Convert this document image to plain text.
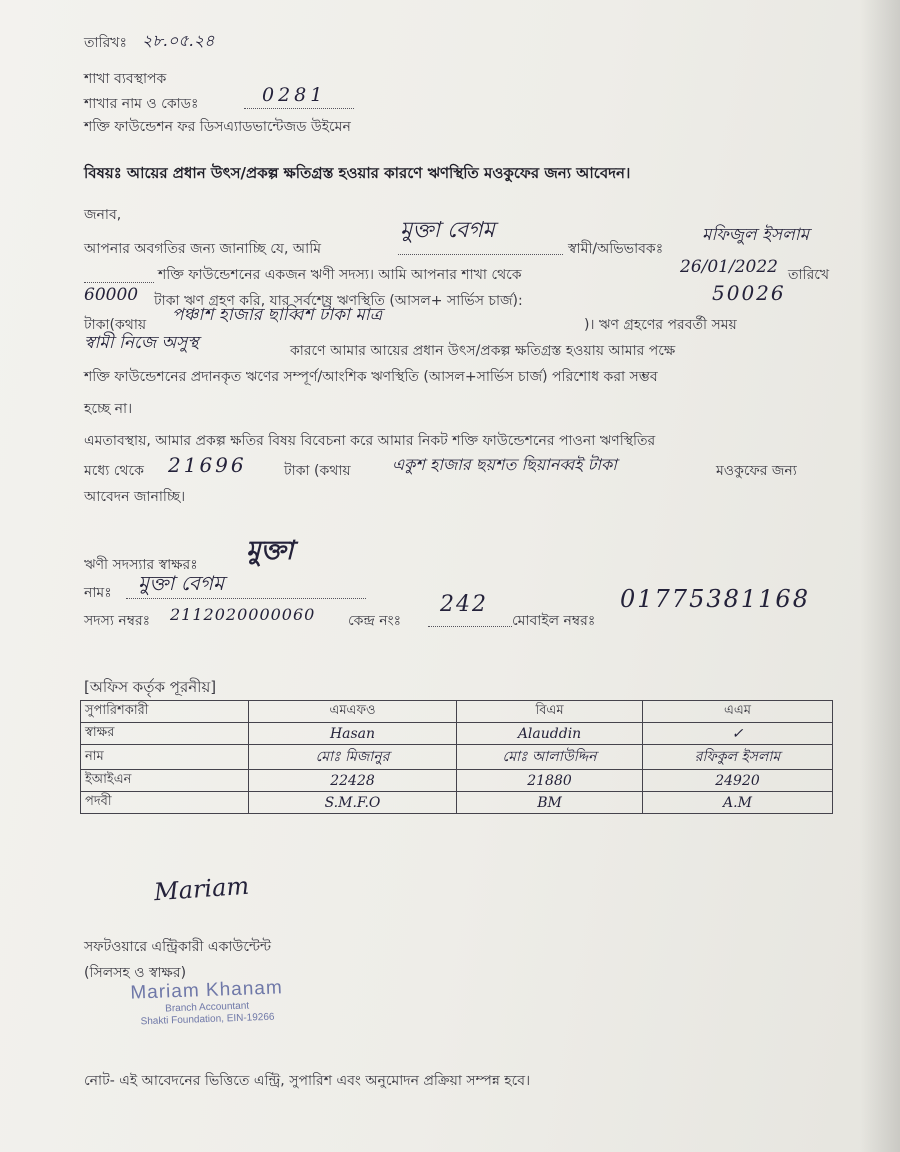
তারিখঃ ২৮.০৫.২৪
শাখা ব্যবস্থাপক
শাখার নাম ও কোডঃ	0281
শক্তি ফাউন্ডেশন ফর ডিসএ্যাডভান্টেজড উইমেন
বিষয়ঃ আয়ের প্রধান উৎস/প্রকল্প ক্ষতিগ্রস্ত হওয়ার কারণে ঋণস্থিতি মওকুফের জন্য আবেদন।
জনাব,
আপনার অবগতির জন্য জানাচ্ছি যে, আমি
মুক্তা বেগম
স্বামী/অভিভাবকঃ
মফিজুল ইসলাম
শক্তি ফাউন্ডেশনের একজন ঋণী সদস্য। আমি আপনার শাখা থেকে	26/01/2022 তারিখে
60000 টাকা ঋণ গ্রহণ করি, যার সর্বশেষ ঋণস্থিতি (আসল+ সার্ভিস চার্জ):	50026
টাকা(কথায় পঞ্চাশ হাজার ছাব্বিশ টাকা মাত্র	)। ঋণ গ্রহণের পরবর্তী সময়
স্বামী নিজে অসুস্থ	কারণে আমার আয়ের প্রধান উৎস/প্রকল্প ক্ষতিগ্রস্ত হওয়ায় আমার পক্ষে
শক্তি ফাউন্ডেশনের প্রদানকৃত ঋণের সম্পূর্ণ/আংশিক ঋণস্থিতি (আসল+সার্ভিস চার্জ) পরিশোধ করা সম্ভব
হচ্ছে না।
এমতাবস্থায়, আমার প্রকল্প ক্ষতির বিষয় বিবেচনা করে আমার নিকট শক্তি ফাউন্ডেশনের পাওনা ঋণস্থিতির
মধ্যে থেকে 21696	টাকা (কথায়	একুশ হাজার ছয়শত ছিয়ানব্বই টাকা	মওকুফের জন্য
আবেদন জানাচ্ছি।
ঋণী সদস্যার স্বাক্ষরঃ মুক্তা
নামঃ মুক্তা বেগম
সদস্য নম্বরঃ 2112020000060 কেন্দ্র নংঃ
242
মোবাইল নম্বরঃ
01775381168
[অফিস কর্তৃক পূরনীয়]
সুপারিশকারী	এমএফও	বিএম	এএম
স্বাক্ষর	Hasan	Alauddin	✓
নাম	মোঃ মিজানুর	মোঃ আলাউদ্দিন	রফিকুল ইসলাম
ইআইএন	22428	21880	24920
পদবী	S.M.F.O	BM	A.M
Mariam
সফটওয়ারে এন্ট্রিকারী একাউন্টেন্ট
(সিলসহ ও স্বাক্ষর)
Mariam Khanam
Branch Accountant
Shakti Foundation, EIN-19266
নোট- এই আবেদনের ভিত্তিতে এন্ট্রি, সুপারিশ এবং অনুমোদন প্রক্রিয়া সম্পন্ন হবে।
